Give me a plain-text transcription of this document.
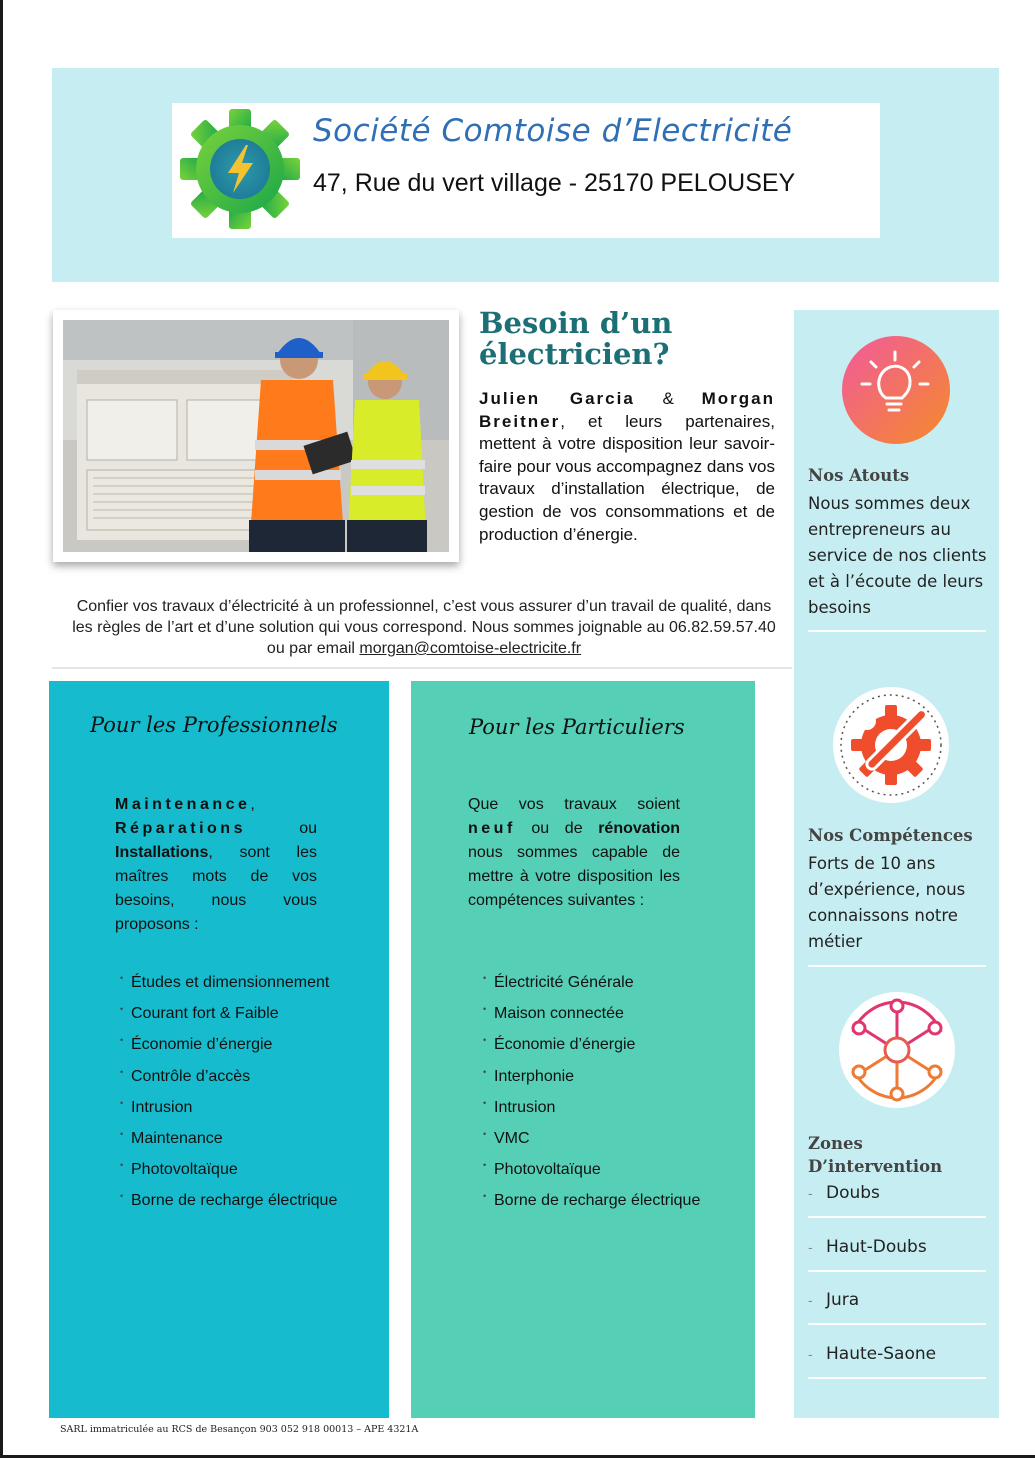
Société Comtoise d’Electricité
47, Rue du vert village - 25170 PELOUSEY
Besoin d’un électricien?
Julien Garcia & Morgan Breitner, et leurs partenaires, mettent à votre disposition leur savoir-faire pour vous accompagnez dans vos travaux d’installation électrique, de gestion de vos consommations et de production d’énergie.
Confier vos travaux d’électricité à un professionnel, c’est vous assurer d’un travail de qualité, dans les règles de l’art et d’une solution qui vous correspond. Nous sommes joignable au 06.82.59.57.40 ou par email morgan@comtoise-electricite.fr
Pour les Professionnels
Maintenance, Réparations ou Installations, sont les maîtres mots de vos besoins, nous vous proposons :
• Études et dimensionnement
• Courant fort & Faible
• Économie d’énergie
• Contrôle d’accès
• Intrusion
• Maintenance
• Photovoltaïque
• Borne de recharge électrique
Pour les Particuliers
Que vos travaux soient neuf ou de rénovation nous sommes capable de mettre à votre disposition les compétences suivantes :
• Électricité Générale
• Maison connectée
• Économie d’énergie
• Interphonie
• Intrusion
• VMC
• Photovoltaïque
• Borne de recharge électrique
Nos Atouts
Nous sommes deux entrepreneurs au service de nos clients et à l’écoute de leurs besoins
Nos Compétences
Forts de 10 ans d’expérience, nous connaissons notre métier
Zones D’intervention
- Doubs
- Haut-Doubs
- Jura
- Haute-Saone
SARL immatriculée au RCS de Besançon 903 052 918 00013 – APE 4321A
